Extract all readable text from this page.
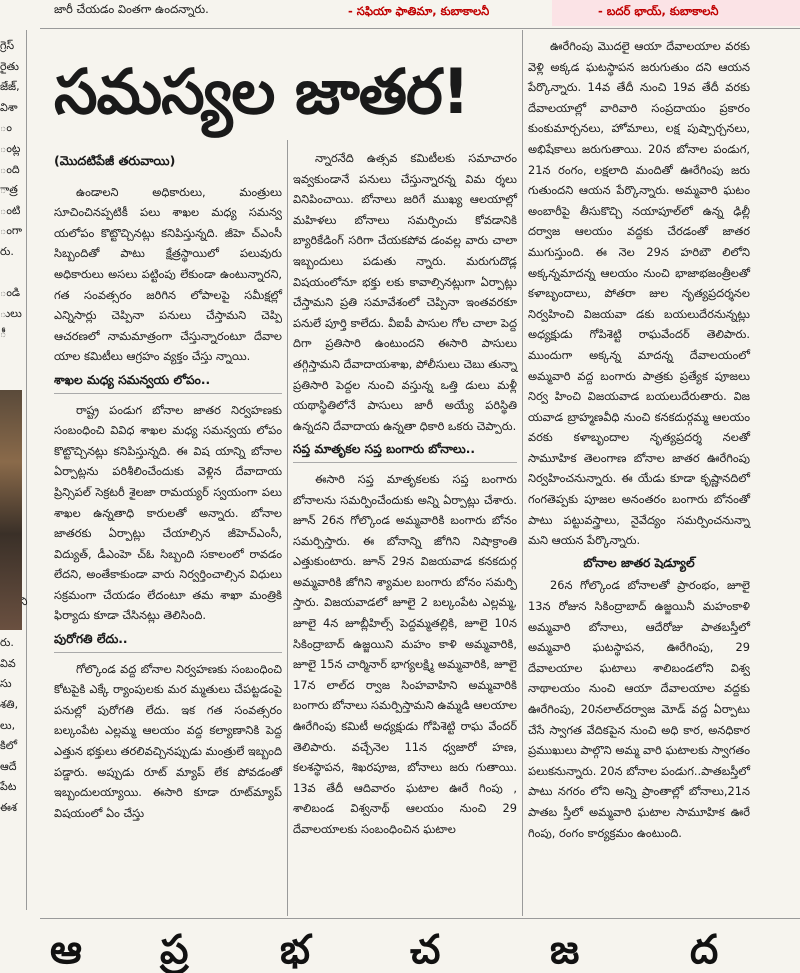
జారీ చేయడం వింతగా ఉందన్నారు.	- సఫియా ఫాతిమా, కుబాకాలనీ	- బదర్ భాయ్, కుబాకాలనీ
గ్రెస్
రైతు
జేజ్,
విశా
ం
ంట్ల
ంది
ాత్ర
ంటి
ంగా
రు.

ండి
ులు
ీ

రు.
వివ
సు
శతి,
లు,
కిలో
ఆదే
పేట
ఈశ
సమస్యల జాతర!
(మొదటిపేజీ తరువాయి)

ఉండాలని అధికారులు, మంత్రులు సూచించినప్పటికీ పలు శాఖల మధ్య సమన్వ యలోపం కొట్టొచ్చినట్లు కనిపిస్తున్నది. జీహె చ్ఎంసీ సిబ్బందితో పాటు క్షేత్రస్థాయిలో పలువురు అధికారులు అసలు పట్టింపు లేకుండా ఉంటున్నారని, గత సంవత్సరం జరిగిన లోపాలపై సమీక్షల్లో ఎన్నిసార్లు చెప్పినా పనులు చేస్తామని చెప్పి ఆచరణలో నామమాత్రంగా చేస్తున్నారంటూ దేవాల యాల కమిటీలు ఆగ్రహం వ్యక్తం చేస్తు న్నాయి.

శాఖల మధ్య సమన్వయ లోపం..

రాష్ట్ర పండుగ బోనాల జాతర నిర్వహణకు సంబంధించి వివిధ శాఖల మధ్య సమన్వయ లోపం కొట్టొచ్చినట్లు కనిపిస్తున్నది. ఈ విష యాన్ని బోనాల ఏర్పాట్లను పరిశీలించేందుకు వెళ్లిన దేవాదాయ ప్రిన్సిపల్ సెక్రటరీ శైలజా రామయ్యర్ స్వయంగా పలు శాఖల ఉన్నతాధి కారులతో అన్నారు. బోనాల జాతరకు ఏర్పాట్లు చేయాల్సిన జీహెచ్ఎంసీ, విద్యుత్, డీఎంహె చ్ఓ సిబ్బంది సకాలంలో రావడం లేదని, అంతేకాకుండా వారు నిర్వర్తించాల్సిన విధులు సక్రమంగా చేయడం లేదంటూ తమ శాఖా మంత్రికి ఫిర్యాదు కూడా చేసినట్లు తెలిసింది.

పురోగతి లేదు..

గోల్కొండ వద్ద బోనాల నిర్వహణకు సంబంధించి కోటపైకి ఎక్కే ర్యాంపులకు మర మ్మతులు చేపట్టడంపై పనుల్లో పురోగతి లేదు. ఇక గత సంవత్సరం బల్కంపేట ఎల్లమ్మ ఆలయం వద్ద కల్యాణానికి పెద్ద ఎత్తున భక్తులు తరలివచ్చినప్పుడు మంత్రులే ఇబ్బంది పడ్డారు. అప్పుడు రూట్ మ్యాప్ లేక పోవడంతో ఇబ్బందులయ్యాయి. ఈసారి కూడా రూట్‌మ్యాప్ విషయంలో ఏం చేస్తు

న్నారనేది ఉత్సవ కమిటీలకు సమాచారం ఇవ్వకుండానే పనులు చేస్తున్నారన్న విమ ర్శలు వినిపించాయి. బోనాలు జరిగే ముఖ్య ఆలయాల్లో మహిళలు బోనాలు సమర్పించు కోవడానికి బ్యారికేడింగ్ సరిగా చేయకపోవ డంవల్ల వారు చాలా ఇబ్బందులు పడుతు న్నారు. మరుగుదొడ్ల విషయంలోనూ భక్తు లకు కావాల్సినట్లుగా ఏర్పాట్లు చేస్తామని ప్రతి సమావేశంలో చెప్పినా ఇంతవరకూ పనులే పూర్తి కాలేదు. వీఐపీ పాసుల గోల చాలా పెద్ద దిగా ప్రతిసారి ఉంటుందని ఈసారి పాసులు తగ్గిస్తామని దేవాదాయశాఖ, పోలీసులు చెబు తున్నా ప్రతిసారి పెద్దల నుంచి వస్తున్న ఒత్తి డులు మళ్లీ యథాస్థితిలోనే పాసులు జారీ అయ్యే పరిస్థితి ఉన్నదని దేవాదాయ ఉన్నతా ధికారి ఒకరు చెప్పారు.

సప్త మాతృకల సప్త బంగారు బోనాలు..

ఈసారి సప్త మాతృకలకు సప్త బంగారు బోనాలను సమర్పించేందుకు అన్ని ఏర్పాట్లు చేశారు. జూన్ 26న గోల్కొండ అమ్మవారికి బంగారు బోనం సమర్పిస్తారు. ఈ బోనాన్ని జోగిని నిషాక్రాంతి ఎత్తుకుంటారు. జూన్ 29న విజయవాడ కనకదుర్గ అమ్మవారికి జోగిని శ్యామల బంగారు బోనం సమర్పి స్తారు. విజయవాడలో జూలై 2 బల్కంపేట ఎల్లమ్మ, జూలై 4న జూబ్లీహిల్స్ పెద్దమ్మతల్లికి, జూలై 10న సికింద్రాబాద్ ఉజ్జయిని మహం కాళి అమ్మవారికి, జూలై 15న చార్మినార్ భాగ్యలక్ష్మి అమ్మవారికి, జూలై 17న లాల్‌ద ర్వాజ సింహవాహిని అమ్మవారికి బంగారు బోనాలు సమర్పిస్తామని ఉమ్మడి ఆలయాల ఊరేగింపు కమిటీ అధ్యక్షుడు గోపిశెట్టి రాఘ వేందర్ తెలిపారు. వచ్చేనెల 11న ధ్వజారో హణ, కలశస్థాపన, శిఖరపూజ, బోనాలు జరు గుతాయి. 13వ తేదీ ఆదివారం ఘటాల ఊరే గింపు , శాలిబండ విశ్వనాథ్ ఆలయం నుంచి 29 దేవాలయాలకు సంబంధించిన ఘటాల

ఊరేగింపు మొదలై ఆయా దేవాలయాల వరకు వెళ్లి అక్కడ ఘటస్థాపన జరుగుతుం దని ఆయన పేర్కొన్నారు. 14వ తేదీ నుంచి 19వ తేదీ వరకు దేవాలయాల్లో వారివారి సంప్రదాయం ప్రకారం కుంకుమార్చనలు, హోమాలు, లక్ష పుష్పార్చనలు, అభిషేకాలు జరుగుతాయి. 20న బోనాల పండుగ, 21న రంగం, లక్షలాది మందితో ఊరేగింపు జరు గుతుందని ఆయన పేర్కొన్నారు. అమ్మవారి ఘటం అంబారీపై తీసుకొచ్చి నయాపూల్‌లో ఉన్న ఢిల్లీ దర్వాజ ఆలయం వద్దకు చేరడంతో జాతర ముగుస్తుంది. ఈ నెల 29న హరిబౌ లిలోని అక్కన్నమాదన్న ఆలయం నుంచి భాజాభజంత్రీలతో కళాబృందాలు, పోతరా జుల నృత్యప్రదర్శనల నిర్వహించి విజయవా డకు బయలుదేరనున్నట్లు అధ్యక్షుడు గోపిశెట్టి రాఘవేందర్ తెలిపారు. ముందుగా అక్కన్న మాదన్న దేవాలయంలో అమ్మవారి వద్ద బంగారు పాత్రకు ప్రత్యేక పూజలు నిర్వ హించి విజయవాడ బయలుదేరుతారు. విజ యవాడ బ్రాహ్మణవీధి నుంచి కనకదుర్గమ్మ ఆలయం వరకు కళాబృందాల నృత్యప్రదర్శ నలతో సామూహిక తెలంగాణ బోనాల జాతర ఊరేగింపు నిర్వహించనున్నారు. ఈ యేడు కూడా కృష్ణానదిలో గంగతెప్పకు పూజల అనంతరం బంగారు బోనంతో పాటు పట్టువస్త్రాలు, నైవేద్యం సమర్పించనున్నా మని ఆయన పేర్కొన్నారు.

బోనాల జాతర షెడ్యూల్

26న గోల్కొండ బోనాలతో ప్రారంభం, జూలై 13న రోజున సికింద్రాబాద్ ఉజ్జయినీ మహంకాళి అమ్మవారి బోనాలు, ఆదేరోజు పాతబస్తీలో అమ్మవారి ఘటస్థాపన, ఊరేగింపు, 29 దేవాలయాల ఘటాలు శాలిబండలోని విశ్వ నాథాలయం నుంచి ఆయా దేవాలయాల వద్దకు ఊరేగింపు, 20నలాల్‌దర్వాజ మోడ్ వద్ద ఏర్పాటు చేసే స్వాగత వేదికపైన నుంచి అధి కార, అనధికార ప్రముఖులు పాల్గొని అమ్మ వారి ఘటాలకు స్వాగతం పలుకనున్నారు. 20న బోనాల పండుగ..పాతబస్తీలో పాటు నగరం లోని అన్ని ప్రాంతాల్లో బోనాలు,21న పాతబ స్తీలో అమ్మవారి ఘటాల సామూహిక ఊరే గింపు, రంగం కార్యక్రమం ఉంటుంది.

ఆ ప్ర భ	చ	జ	ద
